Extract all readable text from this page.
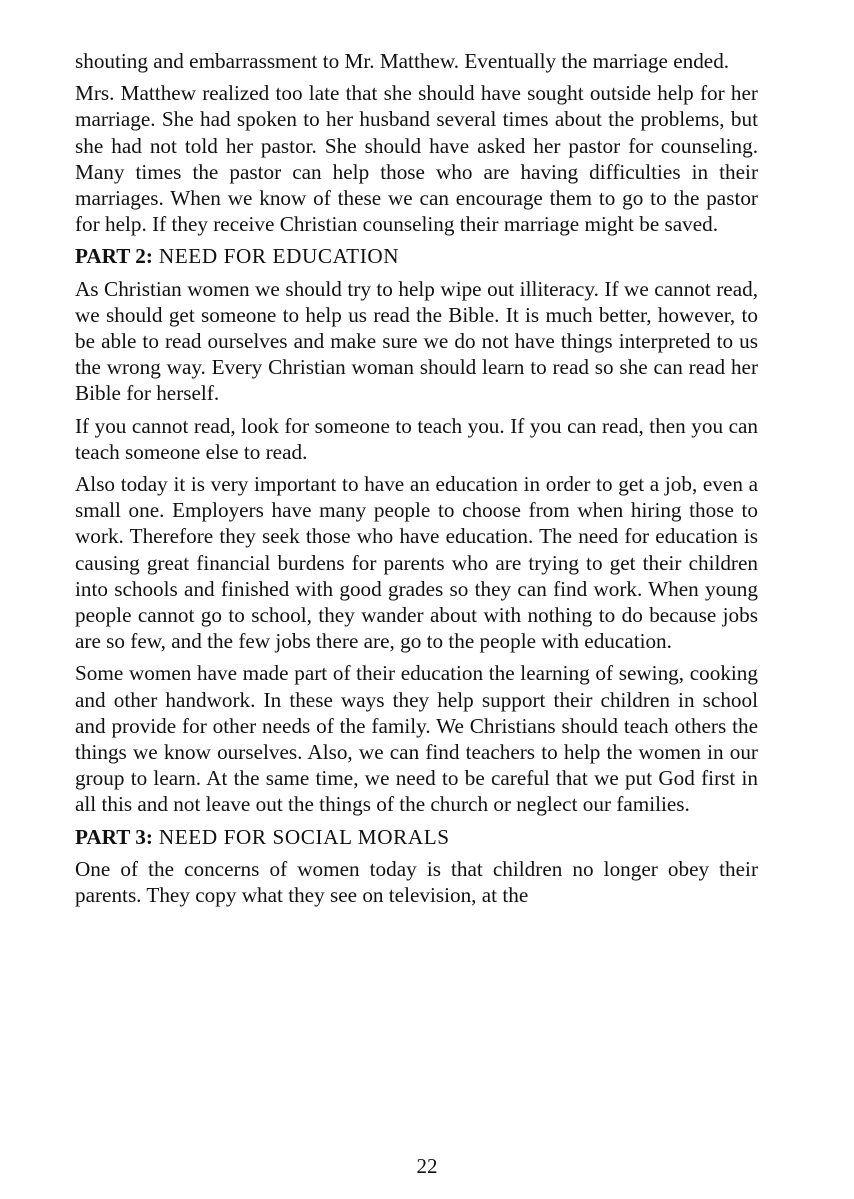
shouting and embarrassment to Mr. Matthew. Eventually the marriage ended.

Mrs. Matthew realized too late that she should have sought outside help for her marriage. She had spoken to her husband several times about the problems, but she had not told her pastor. She should have asked her pastor for counseling. Many times the pastor can help those who are having difficulties in their marriages. When we know of these we can encourage them to go to the pastor for help. If they receive Christian counseling their marriage might be saved.

PART 2: NEED FOR EDUCATION

As Christian women we should try to help wipe out illiteracy. If we cannot read, we should get someone to help us read the Bible. It is much better, however, to be able to read ourselves and make sure we do not have things interpreted to us the wrong way. Every Christian woman should learn to read so she can read her Bible for herself.

If you cannot read, look for someone to teach you. If you can read, then you can teach someone else to read.

Also today it is very important to have an education in order to get a job, even a small one. Employers have many people to choose from when hiring those to work. Therefore they seek those who have education. The need for education is causing great financial burdens for parents who are trying to get their children into schools and finished with good grades so they can find work. When young people cannot go to school, they wander about with nothing to do because jobs are so few, and the few jobs there are, go to the people with education.

Some women have made part of their education the learning of sewing, cooking and other handwork. In these ways they help support their children in school and provide for other needs of the family. We Christians should teach others the things we know ourselves. Also, we can find teachers to help the women in our group to learn. At the same time, we need to be careful that we put God first in all this and not leave out the things of the church or neglect our families.

PART 3: NEED FOR SOCIAL MORALS

One of the concerns of women today is that children no longer obey their parents. They copy what they see on television, at the

22
